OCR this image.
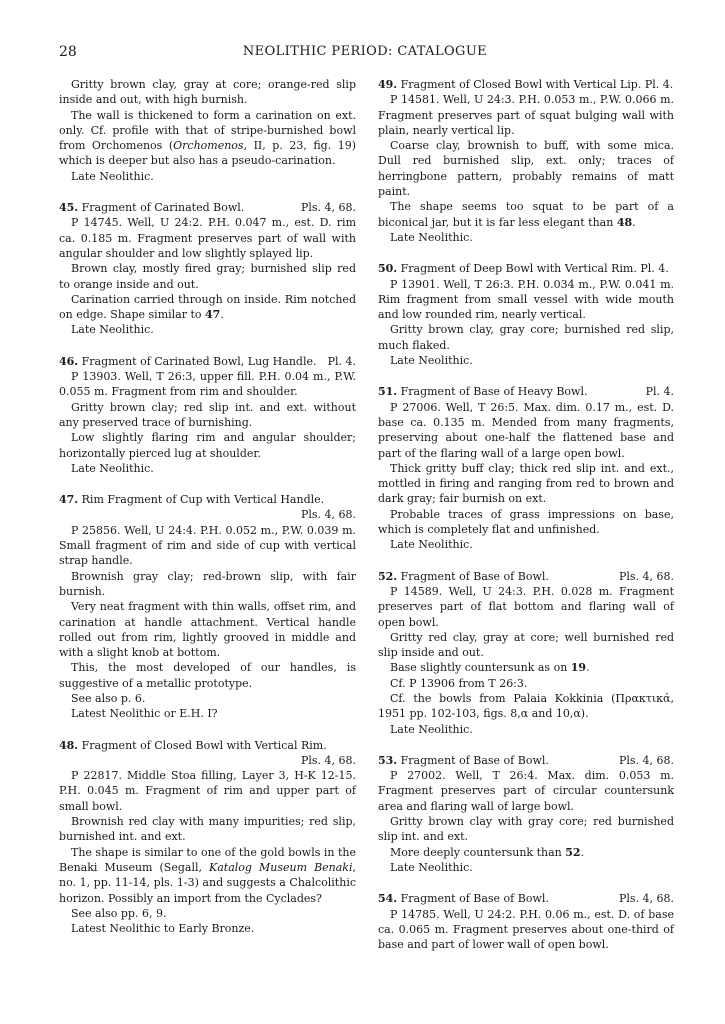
28	NEOLITHIC PERIOD: CATALOGUE

Gritty brown clay, gray at core; orange-red slip inside and out, with high burnish.

The wall is thickened to form a carination on ext. only. Cf. profile with that of stripe-burnished bowl from Orchomenos (Orchomenos, II, p. 23, fig. 19) which is deeper but also has a pseudo-carination.

Late Neolithic.

45. Fragment of Carinated Bowl.	Pls. 4, 68.

P 14745. Well, U 24:2. P.H. 0.047 m., est. D. rim ca. 0.185 m. Fragment preserves part of wall with angular shoulder and low slightly splayed lip.

Brown clay, mostly fired gray; burnished slip red to orange inside and out.

Carination carried through on inside. Rim notched on edge. Shape similar to 47.

Late Neolithic.

46. Fragment of Carinated Bowl, Lug Handle. Pl. 4.

P 13903. Well, T 26:3, upper fill. P.H. 0.04 m., P.W. 0.055 m. Fragment from rim and shoulder.

Gritty brown clay; red slip int. and ext. without any preserved trace of burnishing.

Low slightly flaring rim and angular shoulder; horizontally pierced lug at shoulder.

Late Neolithic.

47. Rim Fragment of Cup with Vertical Handle.
Pls. 4, 68.

P 25856. Well, U 24:4. P.H. 0.052 m., P.W. 0.039 m. Small fragment of rim and side of cup with vertical strap handle.

Brownish gray clay; red-brown slip, with fair burnish.

Very neat fragment with thin walls, offset rim, and carination at handle attachment. Vertical handle rolled out from rim, lightly grooved in middle and with a slight knob at bottom.

This, the most developed of our handles, is suggestive of a metallic prototype.

See also p. 6.

Latest Neolithic or E.H. I?

48. Fragment of Closed Bowl with Vertical Rim.
Pls. 4, 68.

P 22817. Middle Stoa filling, Layer 3, H-K 12-15. P.H. 0.045 m. Fragment of rim and upper part of small bowl.

Brownish red clay with many impurities; red slip, burnished int. and ext.

The shape is similar to one of the gold bowls in the Benaki Museum (Segall, Katalog Museum Benaki, no. 1, pp. 11-14, pls. 1-3) and suggests a Chalcolithic horizon. Possibly an import from the Cyclades?

See also pp. 6, 9.

Latest Neolithic to Early Bronze.

49. Fragment of Closed Bowl with Vertical Lip. Pl. 4.

P 14581. Well, U 24:3. P.H. 0.053 m., P.W. 0.066 m. Fragment preserves part of squat bulging wall with plain, nearly vertical lip.

Coarse clay, brownish to buff, with some mica. Dull red burnished slip, ext. only; traces of herringbone pattern, probably remains of matt paint.

The shape seems too squat to be part of a biconical jar, but it is far less elegant than 48.

Late Neolithic.

50. Fragment of Deep Bowl with Vertical Rim. Pl. 4.

P 13901. Well, T 26:3. P.H. 0.034 m., P.W. 0.041 m. Rim fragment from small vessel with wide mouth and low rounded rim, nearly vertical.

Gritty brown clay, gray core; burnished red slip, much flaked.

Late Neolithic.

51. Fragment of Base of Heavy Bowl.	Pl. 4.

P 27006. Well, T 26:5. Max. dim. 0.17 m., est. D. base ca. 0.135 m. Mended from many fragments, preserving about one-half the flattened base and part of the flaring wall of a large open bowl.

Thick gritty buff clay; thick red slip int. and ext., mottled in firing and ranging from red to brown and dark gray; fair burnish on ext.

Probable traces of grass impressions on base, which is completely flat and unfinished.

Late Neolithic.

52. Fragment of Base of Bowl.	Pls. 4, 68.

P 14589. Well, U 24:3. P.H. 0.028 m. Fragment preserves part of flat bottom and flaring wall of open bowl.

Gritty red clay, gray at core; well burnished red slip inside and out.

Base slightly countersunk as on 19.

Cf. P 13906 from T 26:3.

Cf. the bowls from Palaia Kokkinia (Πρακτικά, 1951 pp. 102-103, figs. 8,α and 10,α).

Late Neolithic.

53. Fragment of Base of Bowl.	Pls. 4, 68.

P 27002. Well, T 26:4. Max. dim. 0.053 m. Fragment preserves part of circular countersunk area and flaring wall of large bowl.

Gritty brown clay with gray core; red burnished slip int. and ext.

More deeply countersunk than 52.

Late Neolithic.

54. Fragment of Base of Bowl.	Pls. 4, 68.

P 14785. Well, U 24:2. P.H. 0.06 m., est. D. of base ca. 0.065 m. Fragment preserves about one-third of base and part of lower wall of open bowl.
